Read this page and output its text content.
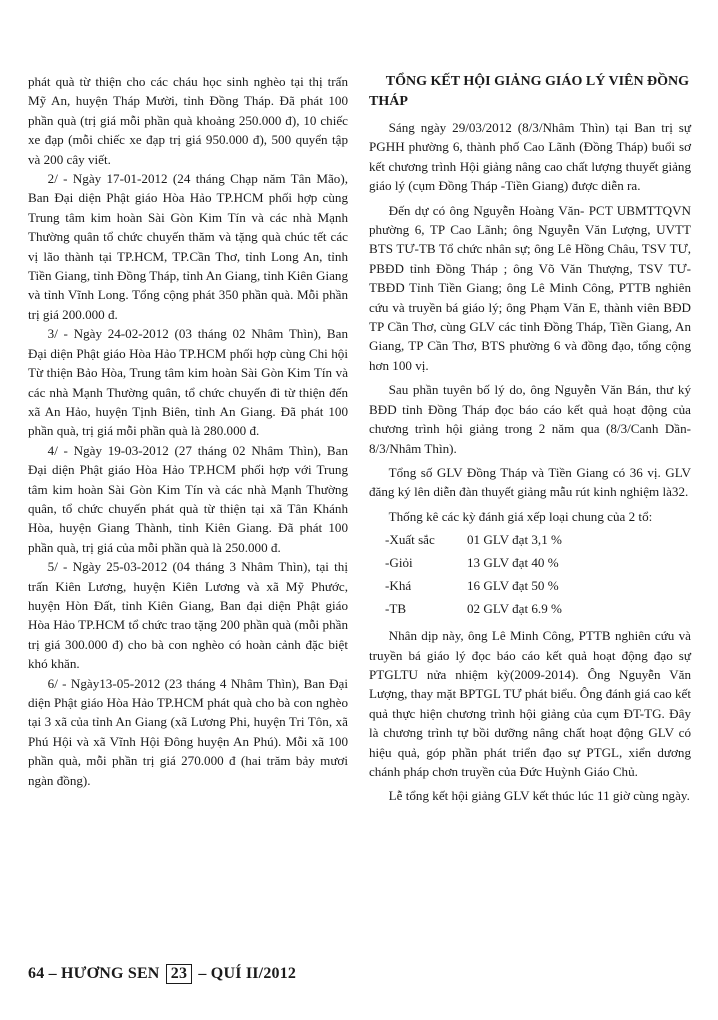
phát quà từ thiện cho các cháu học sinh nghèo tại thị trấn Mỹ An, huyện Tháp Mười, tỉnh Đồng Tháp. Đã phát 100 phần quà (trị giá mỗi phần quà khoảng 250.000 đ), 10 chiếc xe đạp (mỗi chiếc xe đạp trị giá 950.000 đ), 500 quyển tập và 200 cây viết.

2/ - Ngày 17-01-2012 (24 tháng Chạp năm Tân Mão), Ban Đại diện Phật giáo Hòa Hảo TP.HCM phối hợp cùng Trung tâm kim hoàn Sài Gòn Kim Tín và các nhà Mạnh Thường quân tổ chức chuyến thăm và tặng quà chúc tết các vị lão thành tại TP.HCM, TP.Cần Thơ, tỉnh Long An, tỉnh Tiền Giang, tỉnh Đồng Tháp, tỉnh An Giang, tỉnh Kiên Giang và tỉnh Vĩnh Long. Tổng cộng phát 350 phần quà. Mỗi phần trị giá 200.000 đ.

3/ - Ngày 24-02-2012 (03 tháng 02 Nhâm Thìn), Ban Đại diện Phật giáo Hòa Hảo TP.HCM phối hợp cùng Chi hội Từ thiện Bảo Hòa, Trung tâm kim hoàn Sài Gòn Kim Tín và các nhà Mạnh Thường quân, tổ chức chuyến đi từ thiện đến xã An Hảo, huyện Tịnh Biên, tỉnh An Giang. Đã phát 100 phần quà, trị giá mỗi phần quà là 280.000 đ.

4/ - Ngày 19-03-2012 (27 tháng 02 Nhâm Thìn), Ban Đại diện Phật giáo Hòa Hảo TP.HCM phối hợp với Trung tâm kim hoàn Sài Gòn Kim Tín và các nhà Mạnh Thường quân, tổ chức chuyến phát quà từ thiện tại xã Tân Khánh Hòa, huyện Giang Thành, tỉnh Kiên Giang. Đã phát 100 phần quà, trị giá của mỗi phần quà là 250.000 đ.

5/ - Ngày 25-03-2012 (04 tháng 3 Nhâm Thìn), tại thị trấn Kiên Lương, huyện Kiên Lương và xã Mỹ Phước, huyện Hòn Đất, tỉnh Kiên Giang, Ban đại diện Phật giáo Hòa Hảo TP.HCM tổ chức trao tặng 200 phần quà (mỗi phần trị giá 300.000 đ) cho bà con nghèo có hoàn cảnh đặc biệt khó khăn.

6/ - Ngày13-05-2012 (23 tháng 4 Nhâm Thìn), Ban Đại diện Phật giáo Hòa Hảo TP.HCM phát quà cho bà con nghèo tại 3 xã của tỉnh An Giang (xã Lương Phi, huyện Tri Tôn, xã Phú Hội và xã Vĩnh Hội Đông huyện An Phú). Mỗi xã 100 phần quà, mỗi phần trị giá 270.000 đ (hai trăm bảy mươi ngàn đồng).

TỔNG KẾT HỘI GIẢNG GIÁO LÝ VIÊN ĐỒNG THÁP

Sáng ngày 29/03/2012 (8/3/Nhâm Thìn) tại Ban trị sự PGHH phường 6, thành phố Cao Lãnh (Đồng Tháp) buổi sơ kết chương trình Hội giảng nâng cao chất lượng thuyết giảng giáo lý (cụm Đồng Tháp -Tiền Giang) được diễn ra.

Đến dự có ông Nguyễn Hoàng Văn- PCT UBMTTQVN phường 6, TP Cao Lãnh; ông Nguyễn Văn Lượng, UVTT BTS TƯ-TB Tổ chức nhân sự; ông Lê Hồng Châu, TSV TƯ, PBĐD tỉnh Đồng Tháp ; ông Võ Văn Thượng, TSV TƯ-TBĐD Tỉnh Tiền Giang; ông Lê Minh Công, PTTB nghiên cứu và truyền bá giáo lý; ông Phạm Văn E, thành viên BĐD TP Cần Thơ, cùng GLV các tỉnh Đồng Tháp, Tiền Giang, An Giang, TP Cần Thơ, BTS phường 6 và đồng đạo, tổng cộng hơn 100 vị.

Sau phần tuyên bố lý do, ông Nguyễn Văn Bán, thư ký BĐD tỉnh Đồng Tháp đọc báo cáo kết quả hoạt động của chương trình hội giảng trong 2 năm qua (8/3/Canh Dần-8/3/Nhâm Thìn).

Tổng số GLV Đồng Tháp và Tiền Giang có 36 vị. GLV đăng ký lên diễn đàn thuyết giảng mẫu rút kinh nghiệm là32.

Thống kê các kỳ đánh giá xếp loại chung của 2 tổ:

-Xuất sắc	01 GLV đạt 3,1 %
-Giỏi	13 GLV đạt 40 %
-Khá	16 GLV đạt 50 %
-TB	02 GLV đạt 6.9 %

Nhân dịp này, ông Lê Minh Công, PTTB nghiên cứu và truyền bá giáo lý đọc báo cáo kết quả hoạt động đạo sự PTGLTU nửa nhiệm kỳ(2009-2014). Ông Nguyễn Văn Lượng, thay mặt BPTGL TƯ phát biểu. Ông đánh giá cao kết quả thực hiện chương trình hội giảng của cụm ĐT-TG. Đây là chương trình tự bồi dưỡng nâng chất hoạt động GLV có hiệu quả, góp phần phát triển đạo sự PTGL, xiển dương chánh pháp chơn truyền của Đức Huỳnh Giáo Chủ.

Lễ tổng kết hội giảng GLV kết thúc lúc 11 giờ cùng ngày.

64 – HƯƠNG SEN
23 – QUÍ II/2012
